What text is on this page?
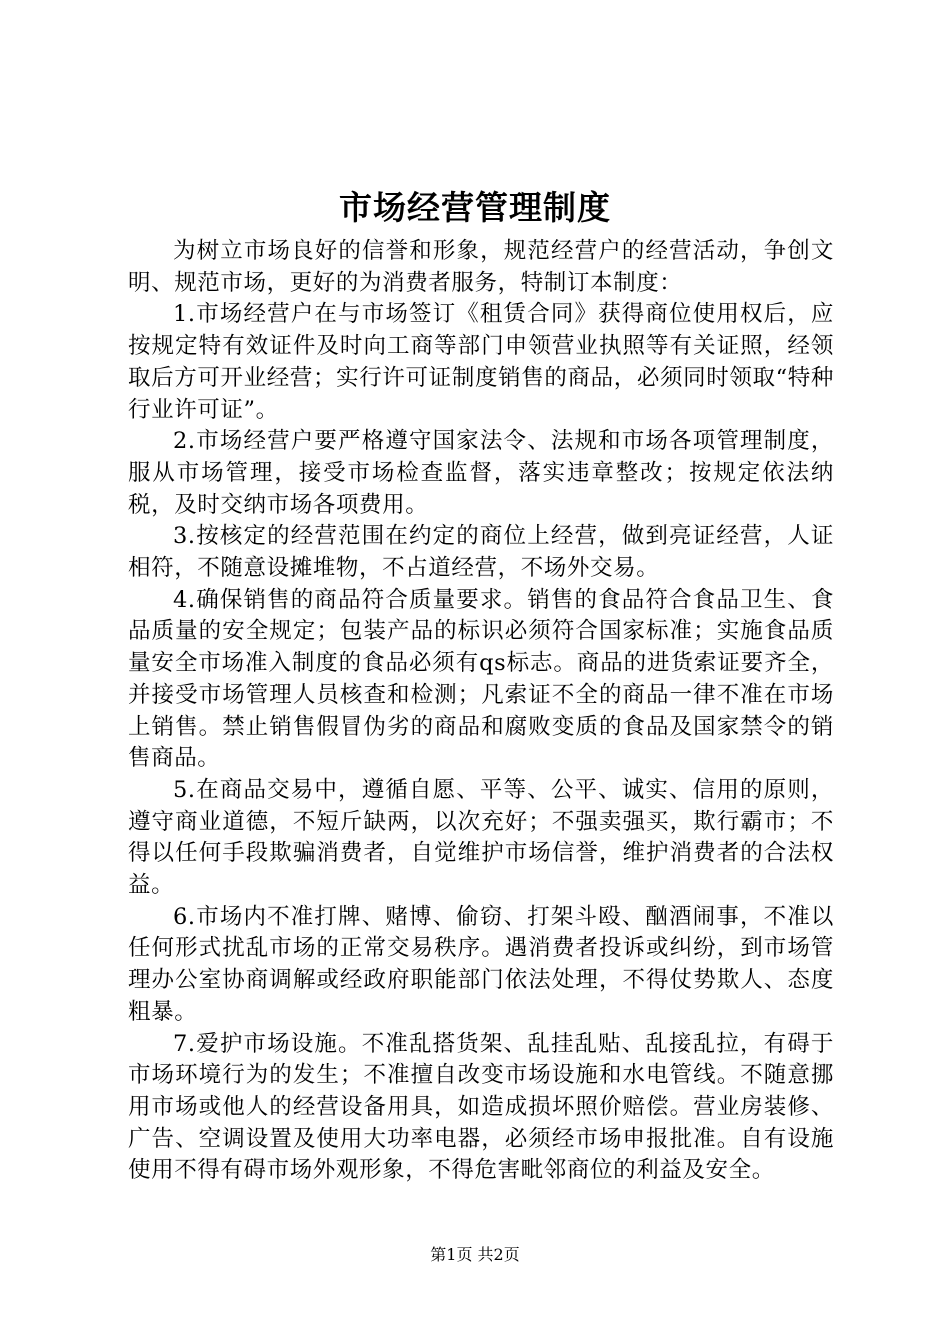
市场经营管理制度

为树立市场良好的信誉和形象，规范经营户的经营活动，争创文明、规范市场，更好的为消费者服务，特制订本制度：

1.市场经营户在与市场签订《租赁合同》获得商位使用权后，应按规定特有效证件及时向工商等部门申领营业执照等有关证照，经领取后方可开业经营；实行许可证制度销售的商品，必须同时领取“特种行业许可证”。

2.市场经营户要严格遵守国家法令、法规和市场各项管理制度，服从市场管理，接受市场检查监督，落实违章整改；按规定依法纳税，及时交纳市场各项费用。

3.按核定的经营范围在约定的商位上经营，做到亮证经营，人证相符，不随意设摊堆物，不占道经营，不场外交易。

4.确保销售的商品符合质量要求。销售的食品符合食品卫生、食品质量的安全规定；包装产品的标识必须符合国家标准；实施食品质量安全市场准入制度的食品必须有qs标志。商品的进货索证要齐全，并接受市场管理人员核查和检测；凡索证不全的商品一律不准在市场上销售。禁止销售假冒伪劣的商品和腐败变质的食品及国家禁令的销售商品。

5.在商品交易中，遵循自愿、平等、公平、诚实、信用的原则，遵守商业道德，不短斤缺两，以次充好；不强卖强买，欺行霸市；不得以任何手段欺骗消费者，自觉维护市场信誉，维护消费者的合法权益。

6.市场内不准打牌、赌博、偷窃、打架斗殴、酗酒闹事，不准以任何形式扰乱市场的正常交易秩序。遇消费者投诉或纠纷，到市场管理办公室协商调解或经政府职能部门依法处理，不得仗势欺人、态度粗暴。

7.爱护市场设施。不准乱搭货架、乱挂乱贴、乱接乱拉，有碍于市场环境行为的发生；不准擅自改变市场设施和水电管线。不随意挪用市场或他人的经营设备用具，如造成损坏照价赔偿。营业房装修、广告、空调设置及使用大功率电器，必须经市场申报批准。自有设施使用不得有碍市场外观形象，不得危害毗邻商位的利益及安全。

第1页 共2页
